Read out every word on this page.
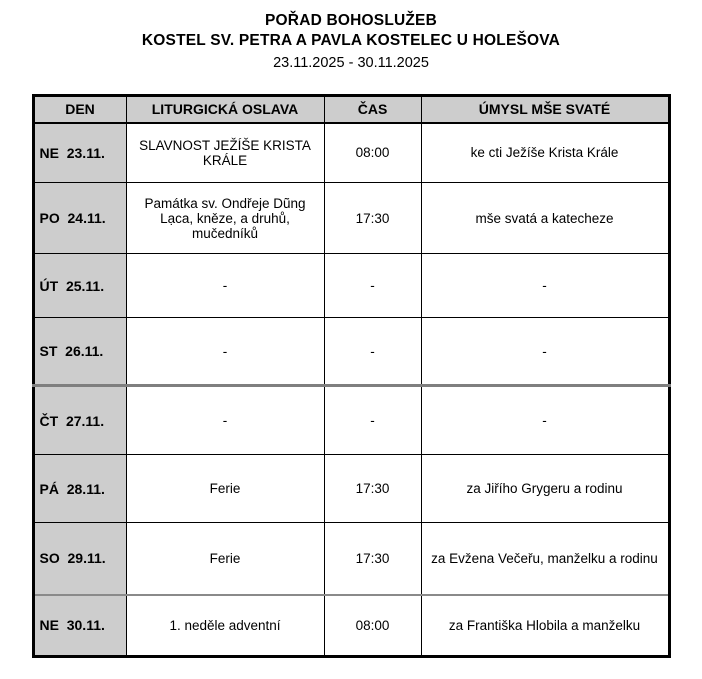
POŘAD BOHOSLUŽEB
KOSTEL SV. PETRA A PAVLA KOSTELEC U HOLEŠOVA
23.11.2025 - 30.11.2025
DEN	LITURGICKÁ OSLAVA	ČAS	ÚMYSL MŠE SVATÉ
NE  23.11.	SLAVNOST JEŽÍŠE KRISTA KRÁLE	08:00	ke cti Ježíše Krista Krále
PO  24.11.	Památka sv. Ondřeje Dũng Lạca, kněze, a druhů, mučedníků	17:30	mše svatá a katecheze
ÚT  25.11.	-	-	-
ST  26.11.	-	-	-
ČT  27.11.	-	-	-
PÁ  28.11.	Ferie	17:30	za Jiřího Grygeru a rodinu
SO  29.11.	Ferie	17:30	za Evžena Večeřu, manželku a rodinu
NE  30.11.	1. neděle adventní	08:00	za Františka Hlobila a manželku
